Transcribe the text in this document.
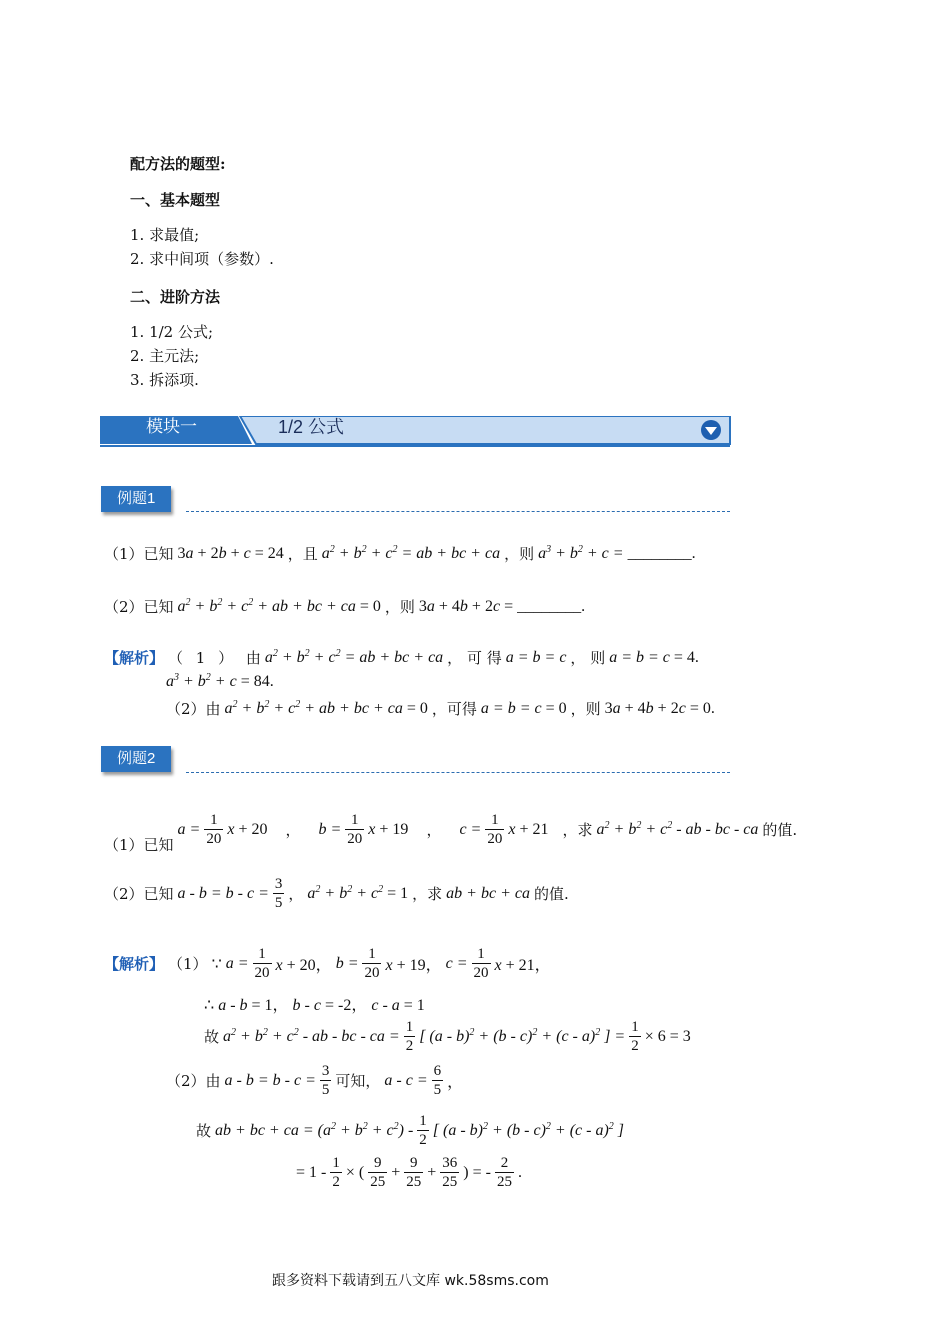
配方法的题型:
一、基本题型
1. 求最值;
2. 求中间项（参数）.
二、进阶方法
1. 1/2 公式;
2. 主元法;
3. 拆添项.
模块一	1/2 公式
例题1
（1）已知 3a + 2b + c = 24 ，且 $a^2 + b^2 + c^2$ = ab + bc + ca ，则 $a^3 + b^2 + c$ = ________.
（2）已知 $a^2 + b^2 + c^2$ + ab + bc + ca = 0 ，则 3a + 4b + 2c = ________.
【解析】 （ 1 ） 由 $a^2 + b^2 + c^2$ = ab + bc + ca ， 可 得 a = b = c ， 则 a = b = c = 4.
$a^3 + b^2 + c = 84$.
（2）由 $a^2 + b^2 + c^2$ + ab + bc + ca = 0 ，可得 a = b = c = 0 ，则 3a + 4b + 2c = 0.
例题2
（1）已知
$a = \frac{1}{20}$ x + 20 ， $b = \frac{1}{20}$ x + 19 ， $c = \frac{1}{20}$ x + 21 ，求 $a^2 + b^2 + c^2$ - ab - bc - ca 的值.
（2）已知 $a - b = b - c = \frac{3}{5}$ ， $a^2 + b^2 + c^2 = 1$ ，求 ab + bc + ca 的值.
【解析】 （1） ∵ $a = \frac{1}{20}$ x + 20， $b = \frac{1}{20}$ x + 19， $c = \frac{1}{20}$ x + 21，
∴ a - b = 1， b - c = -2， c - a = 1
故 $a^2 + b^2 + c^2$ - ab - bc - ca = $\frac{1}{2}$ [ (a - b)$^2$ + (b - c)$^2$ + (c - a)$^2$ ] = $\frac{1}{2} \times 6 = 3$
（2）由 $a - b = b - c = \frac{3}{5}$ 可知， $a - c = \frac{6}{5}$ ，
故 ab + bc + ca = $(a^2 + b^2 + c^2) - \frac{1}{2}$ [ (a - b)$^2$ + (b - c)$^2$ + (c - a)$^2$ ]
= $1 - \frac{1}{2}$ × ( $\frac{9}{25} + \frac{9}{25} + \frac{36}{25}$ ) = - $\frac{2}{25}$ .
跟多资料下载请到五八文库 wk.58sms.com
